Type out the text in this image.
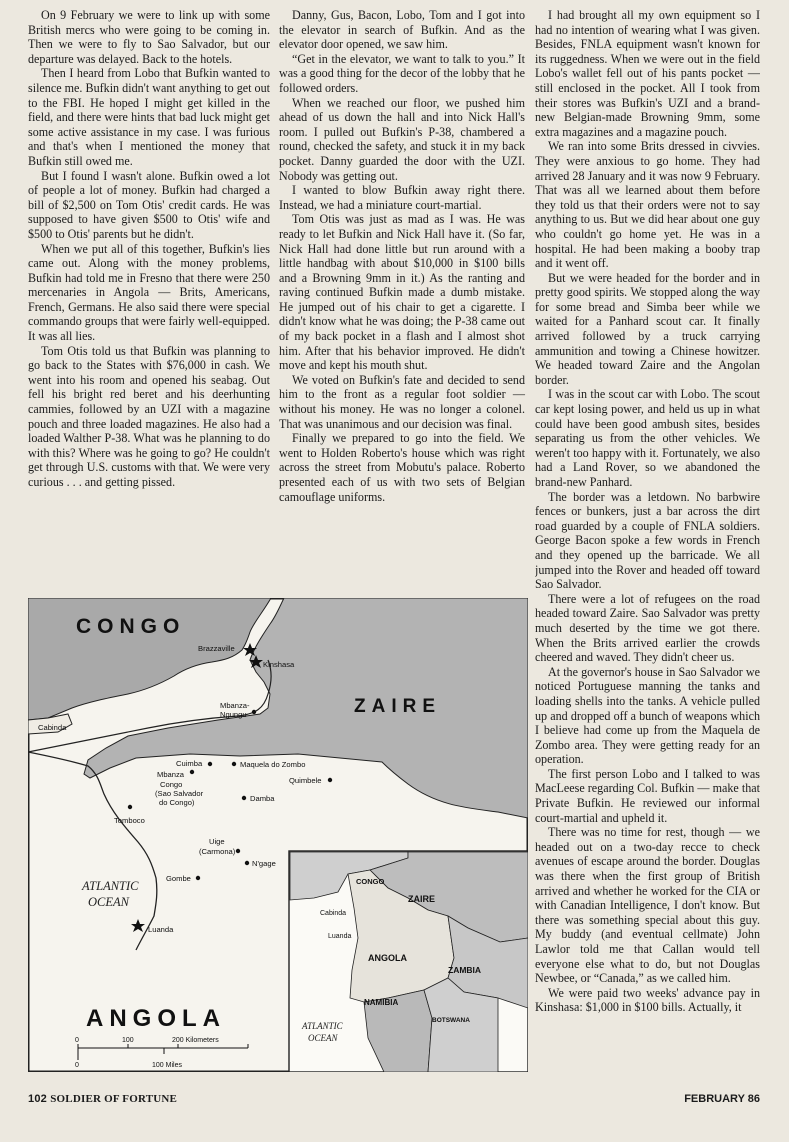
On 9 February we were to link up with some British mercs who were going to be coming in. Then we were to fly to Sao Salvador, but our departure was delayed. Back to the hotels.

Then I heard from Lobo that Bufkin wanted to silence me. Bufkin didn't want anything to get out to the FBI. He hoped I might get killed in the field, and there were hints that bad luck might get some active assistance in my case. I was furious and that's when I mentioned the money that Bufkin still owed me.

But I found I wasn't alone. Bufkin owed a lot of people a lot of money. Bufkin had charged a bill of $2,500 on Tom Otis' credit cards. He was supposed to have given $500 to Otis' wife and $500 to Otis' parents but he didn't.

When we put all of this together, Bufkin's lies came out. Along with the money problems, Bufkin had told me in Fresno that there were 250 mercenaries in Angola — Brits, Americans, French, Germans. He also said there were special commando groups that were fairly well-equipped. It was all lies.

Tom Otis told us that Bufkin was planning to go back to the States with $76,000 in cash. We went into his room and opened his seabag. Out fell his bright red beret and his deerhunting cammies, followed by an UZI with a magazine pouch and three loaded magazines. He also had a loaded Walther P-38. What was he planning to do with this? Where was he going to go? He couldn't get through U.S. customs with that. We were very curious . . . and getting pissed.

Danny, Gus, Bacon, Lobo, Tom and I got into the elevator in search of Bufkin. And as the elevator door opened, we saw him.

“Get in the elevator, we want to talk to you.” It was a good thing for the decor of the lobby that he followed orders.

When we reached our floor, we pushed him ahead of us down the hall and into Nick Hall's room. I pulled out Bufkin's P-38, chambered a round, checked the safety, and stuck it in my back pocket. Danny guarded the door with the UZI. Nobody was getting out.

I wanted to blow Bufkin away right there. Instead, we had a miniature court-martial.

Tom Otis was just as mad as I was. He was ready to let Bufkin and Nick Hall have it. (So far, Nick Hall had done little but run around with a little handbag with about $10,000 in $100 bills and a Browning 9mm in it.) As the ranting and raving continued Bufkin made a dumb mistake. He jumped out of his chair to get a cigarette. I didn't know what he was doing; the P-38 came out of my back pocket in a flash and I almost shot him. After that his behavior improved. He didn't move and kept his mouth shut.

We voted on Bufkin's fate and decided to send him to the front as a regular foot soldier — without his money. He was no longer a colonel. That was unanimous and our decision was final.

Finally we prepared to go into the field. We went to Holden Roberto's house which was right across the street from Mobutu's palace. Roberto presented each of us with two sets of Belgian camouflage uniforms.

I had brought all my own equipment so I had no intention of wearing what I was given. Besides, FNLA equipment wasn't known for its ruggedness. When we were out in the field Lobo's wallet fell out of his pants pocket — still enclosed in the pocket. All I took from their stores was Bufkin's UZI and a brand-new Belgian-made Browning 9mm, some extra magazines and a magazine pouch.

We ran into some Brits dressed in civvies. They were anxious to go home. They had arrived 28 January and it was now 9 February. That was all we learned about them before they told us that their orders were not to say anything to us. But we did hear about one guy who couldn't go home yet. He was in a hospital. He had been making a booby trap and it went off.

But we were headed for the border and in pretty good spirits. We stopped along the way for some bread and Simba beer while we waited for a Panhard scout car. It finally arrived followed by a truck carrying ammunition and towing a Chinese howitzer. We headed toward Zaire and the Angolan border.

I was in the scout car with Lobo. The scout car kept losing power, and held us up in what could have been good ambush sites, besides separating us from the other vehicles. We weren't too happy with it. Fortunately, we also had a Land Rover, so we abandoned the brand-new Panhard.

The border was a letdown. No barbwire fences or bunkers, just a bar across the dirt road guarded by a couple of FNLA soldiers. George Bacon spoke a few words in French and they opened up the barricade. We all jumped into the Rover and headed off toward Sao Salvador.

There were a lot of refugees on the road headed toward Zaire. Sao Salvador was pretty much deserted by the time we got there. When the Brits arrived earlier the crowds cheered and waved. They didn't cheer us.

At the governor's house in Sao Salvador we noticed Portuguese manning the tanks and loading shells into the tanks. A vehicle pulled up and dropped off a bunch of weapons which I believe had come up from the Maquela de Zombo area. They were getting ready for an operation.

The first person Lobo and I talked to was MacLeese regarding Col. Bufkin — make that Private Bufkin. He reviewed our informal court-martial and upheld it.

There was no time for rest, though — we headed out on a two-day recce to check avenues of escape around the border. Douglas was there when the first group of British arrived and whether he worked for the CIA or with Canadian Intelligence, I don't know. But there was something special about this guy. My buddy (and eventual cellmate) John Lawlor told me that Callan would tell everyone else what to do, but not Douglas Newbee, or “Canada,” as we called him.

We were paid two weeks' advance pay in Kinshasa: $1,000 in $100 bills. Actually, it

CONGO
ZAIRE
ANGOLA
ATLANTIC
OCEAN
Brazzaville
Kinshasa
Mbanza-
Ngungu
Cabinda
Cuimba	Maquela do Zombo
Mbanza
Congo
(Sao Salvador
do Congo)
Quimbele
Damba
Tomboco
Uige
(Carmona)
N'gage
Gombe
Luanda
0	100	200 Kilometers
0	100 Miles
CONGO
ZAIRE
Cabinda
Luanda
ANGOLA
ZAMBIA
NAMIBIA
BOTSWANA
ATLANTIC
OCEAN
102 SOLDIER OF FORTUNE	FEBRUARY 86
